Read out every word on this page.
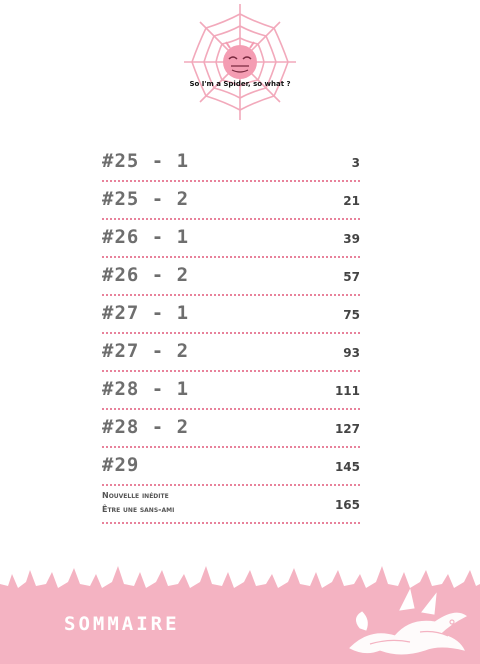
So I'm a Spider, so what ?
#25 - 1	3
#25 - 2	21
#26 - 1	39
#26 - 2	57
#27 - 1	75
#27 - 2	93
#28 - 1	111
#28 - 2	127
#29	145
Nouvelle inédite
Être une sans-ami	165
SOMMAIRE
